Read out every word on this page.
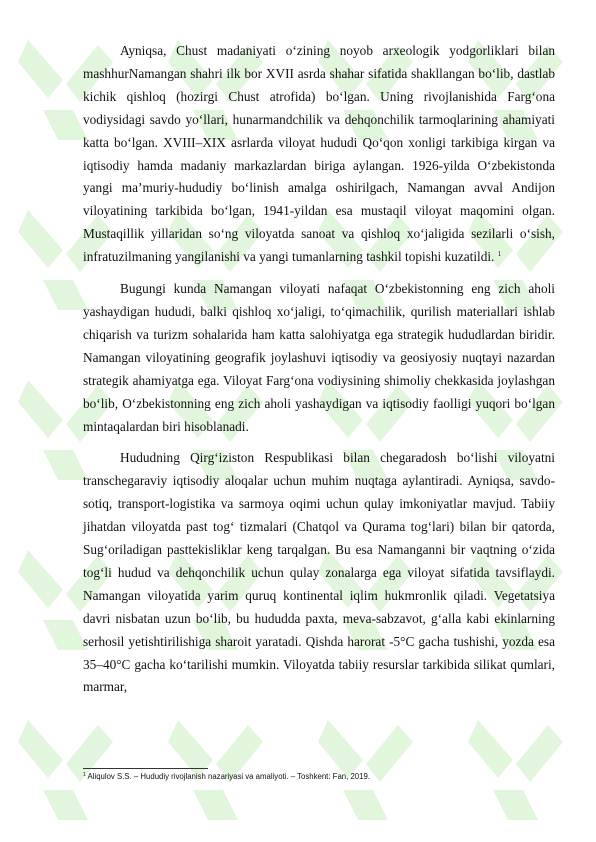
Ayniqsa, Chust madaniyati o‘zining noyob arxeologik yodgorliklari bilan mashhurNamangan shahri ilk bor XVII asrda shahar sifatida shakllangan bo‘lib, dastlab kichik qishloq (hozirgi Chust atrofida) bo‘lgan. Uning rivojlanishida Farg‘ona vodiysidagi savdo yo‘llari, hunarmandchilik va dehqonchilik tarmoqlarining ahamiyati katta bo‘lgan. XVIII–XIX asrlarda viloyat hududi Qo‘qon xonligi tarkibiga kirgan va iqtisodiy hamda madaniy markazlardan biriga aylangan. 1926-yilda O‘zbekistonda yangi ma’muriy-hududiy bo‘linish amalga oshirilgach, Namangan avval Andijon viloyatining tarkibida bo‘lgan, 1941-yildan esa mustaqil viloyat maqomini olgan. Mustaqillik yillaridan so‘ng viloyatda sanoat va qishloq xo‘jaligida sezilarli o‘sish, infratuzilmaning yangilanishi va yangi tumanlarning tashkil topishi kuzatildi. $^1$

Bugungi kunda Namangan viloyati nafaqat O‘zbekistonning eng zich aholi yashaydigan hududi, balki qishloq xo‘jaligi, to‘qimachilik, qurilish materiallari ishlab chiqarish va turizm sohalarida ham katta salohiyatga ega strategik hududlardan biridir. Namangan viloyatining geografik joylashuvi iqtisodiy va geosiyosiy nuqtayi nazardan strategik ahamiyatga ega. Viloyat Farg‘ona vodiysining shimoliy chekkasida joylashgan bo‘lib, O‘zbekistonning eng zich aholi yashaydigan va iqtisodiy faolligi yuqori bo‘lgan mintaqalardan biri hisoblanadi.

Hududning Qirg‘iziston Respublikasi bilan chegaradosh bo‘lishi viloyatni transchegaraviy iqtisodiy aloqalar uchun muhim nuqtaga aylantiradi. Ayniqsa, savdo-sotiq, transport-logistika va sarmoya oqimi uchun qulay imkoniyatlar mavjud. Tabiiy jihatdan viloyatda past tog‘ tizmalari (Chatqol va Qurama tog‘lari) bilan bir qatorda, Sug‘oriladigan pasttekisliklar keng tarqalgan. Bu esa Namanganni bir vaqtning o‘zida tog‘li hudud va dehqonchilik uchun qulay zonalarga ega viloyat sifatida tavsiflaydi. Namangan viloyatida yarim quruq kontinental iqlim hukmronlik qiladi. Vegetatsiya davri nisbatan uzun bo‘lib, bu hududda paxta, meva-sabzavot, g‘alla kabi ekinlarning serhosil yetishtirilishiga sharoit yaratadi. Qishda harorat -5°C gacha tushishi, yozda esa 35–40°C gacha ko‘tarilishi mumkin. Viloyatda tabiiy resurslar tarkibida silikat qumlari, marmar,

$^1$ Aliqulov S.S. – Hududiy rivojlanish nazariyasi va amaliyoti. – Toshkent: Fan, 2019.
